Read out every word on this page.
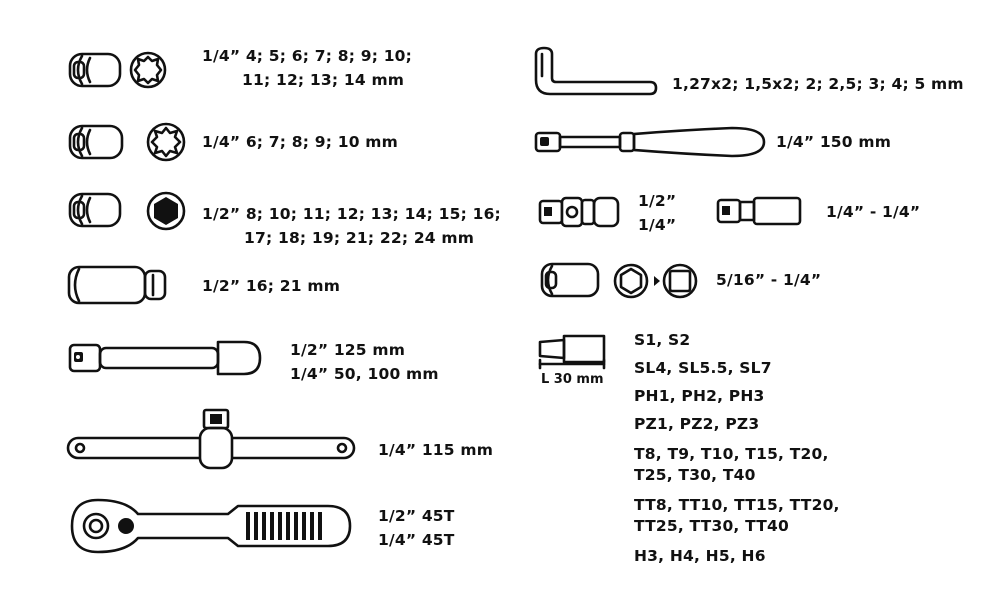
1/4” 4; 5; 6; 7; 8; 9; 10;
11; 12; 13; 14 mm
1/4” 6; 7; 8; 9; 10 mm
1/2” 8; 10; 11; 12; 13; 14; 15; 16;
17; 18; 19; 21; 22; 24 mm
1/2” 16; 21 mm
1/2” 125 mm
1/4” 50, 100 mm
1/4” 115 mm
1/2” 45T
1/4” 45T
L 30 mm
1,27x2; 1,5x2; 2; 2,5; 3; 4; 5 mm
1/4” 150 mm
1/2”
1/4”
1/4” - 1/4”
5/16” - 1/4”
S1, S2
SL4, SL5.5, SL7
PH1, PH2, PH3
PZ1, PZ2, PZ3
T8, T9, T10, T15, T20,
T25, T30, T40
TT8, TT10, TT15, TT20,
TT25, TT30, TT40
H3, H4, H5, H6
